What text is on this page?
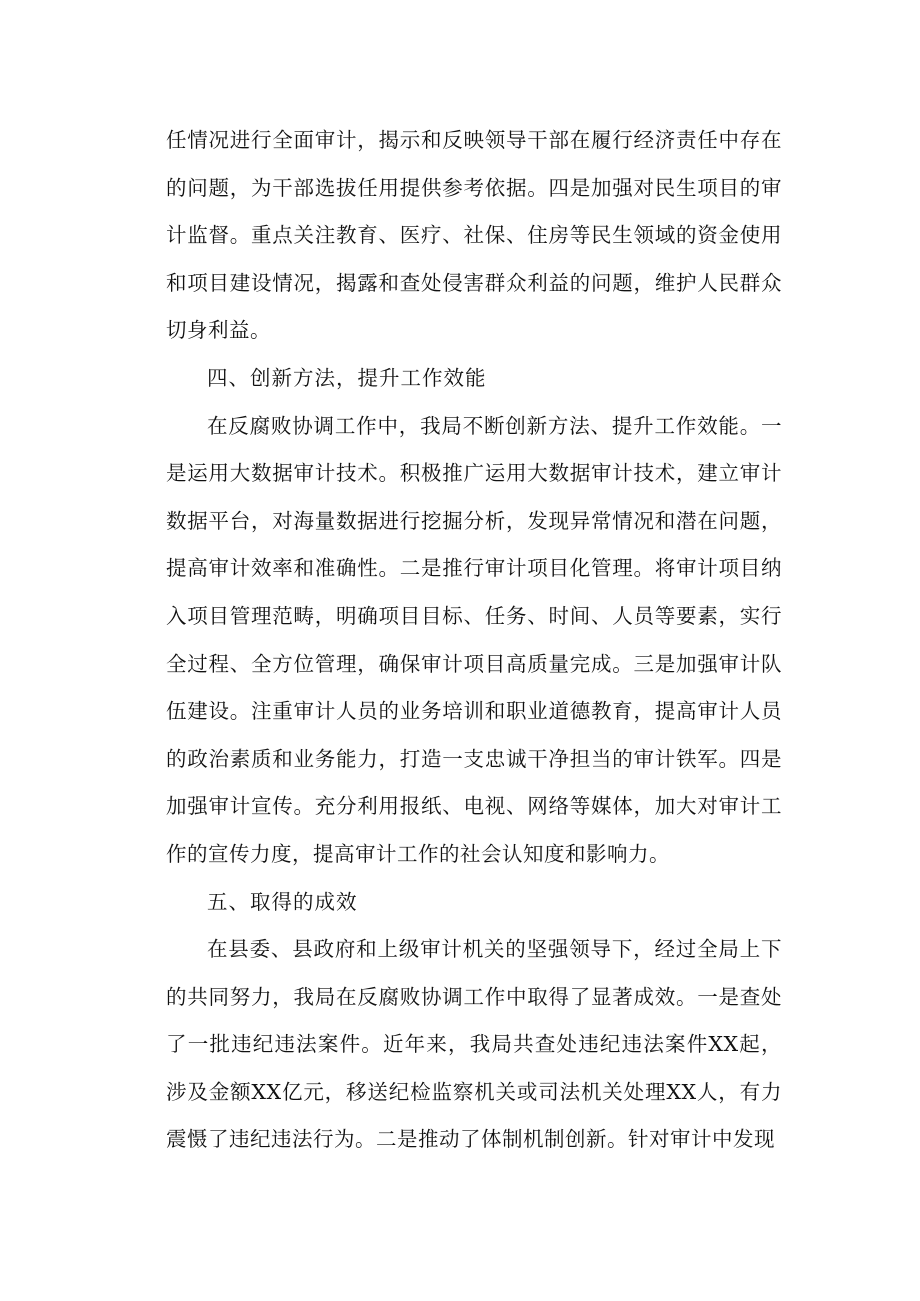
任情况进行全面审计，揭示和反映领导干部在履行经济责任中存在的问题，为干部选拔任用提供参考依据。四是加强对民生项目的审计监督。重点关注教育、医疗、社保、住房等民生领域的资金使用和项目建设情况，揭露和查处侵害群众利益的问题，维护人民群众切身利益。

四、创新方法，提升工作效能

在反腐败协调工作中，我局不断创新方法、提升工作效能。一是运用大数据审计技术。积极推广运用大数据审计技术，建立审计数据平台，对海量数据进行挖掘分析，发现异常情况和潜在问题，提高审计效率和准确性。二是推行审计项目化管理。将审计项目纳入项目管理范畴，明确项目目标、任务、时间、人员等要素，实行全过程、全方位管理，确保审计项目高质量完成。三是加强审计队伍建设。注重审计人员的业务培训和职业道德教育，提高审计人员的政治素质和业务能力，打造一支忠诚干净担当的审计铁军。四是加强审计宣传。充分利用报纸、电视、网络等媒体，加大对审计工作的宣传力度，提高审计工作的社会认知度和影响力。

五、取得的成效

在县委、县政府和上级审计机关的坚强领导下，经过全局上下的共同努力，我局在反腐败协调工作中取得了显著成效。一是查处了一批违纪违法案件。近年来，我局共查处违纪违法案件XX起，涉及金额XX亿元，移送纪检监察机关或司法机关处理XX人，有力震慑了违纪违法行为。二是推动了体制机制创新。针对审计中发现
